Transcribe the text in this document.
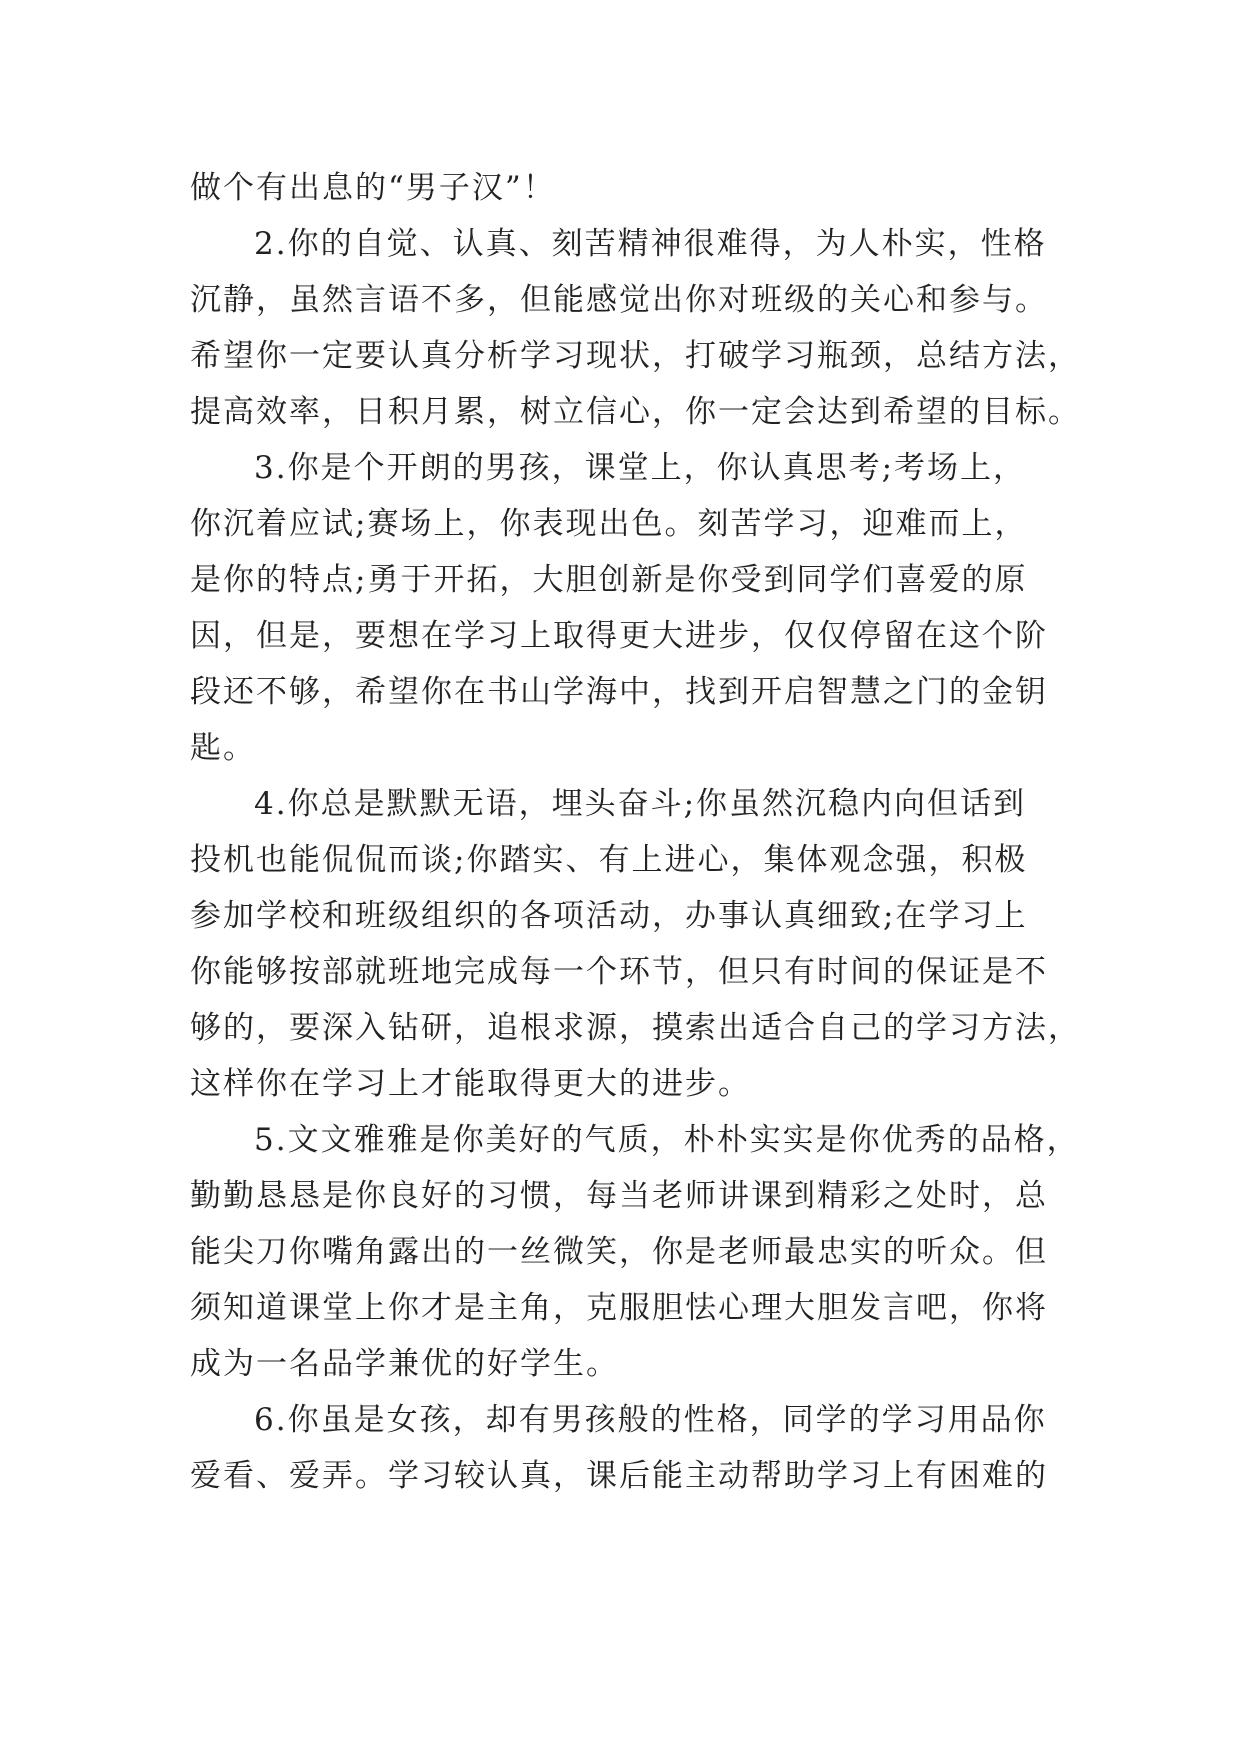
做个有出息的“男子汉”！
2.你的自觉、认真、刻苦精神很难得，为人朴实，性格
沉静，虽然言语不多，但能感觉出你对班级的关心和参与。
希望你一定要认真分析学习现状，打破学习瓶颈，总结方法，
提高效率，日积月累，树立信心，你一定会达到希望的目标。
3.你是个开朗的男孩，课堂上，你认真思考;考场上，
你沉着应试;赛场上，你表现出色。刻苦学习，迎难而上，
是你的特点;勇于开拓，大胆创新是你受到同学们喜爱的原
因，但是，要想在学习上取得更大进步，仅仅停留在这个阶
段还不够，希望你在书山学海中，找到开启智慧之门的金钥
匙。
4.你总是默默无语，埋头奋斗;你虽然沉稳内向但话到
投机也能侃侃而谈;你踏实、有上进心，集体观念强，积极
参加学校和班级组织的各项活动，办事认真细致;在学习上
你能够按部就班地完成每一个环节，但只有时间的保证是不
够的，要深入钻研，追根求源，摸索出适合自己的学习方法，
这样你在学习上才能取得更大的进步。
5.文文雅雅是你美好的气质，朴朴实实是你优秀的品格，
勤勤恳恳是你良好的习惯，每当老师讲课到精彩之处时，总
能尖刀你嘴角露出的一丝微笑，你是老师最忠实的听众。但
须知道课堂上你才是主角，克服胆怯心理大胆发言吧，你将
成为一名品学兼优的好学生。
6.你虽是女孩，却有男孩般的性格，同学的学习用品你
爱看、爱弄。学习较认真，课后能主动帮助学习上有困难的
